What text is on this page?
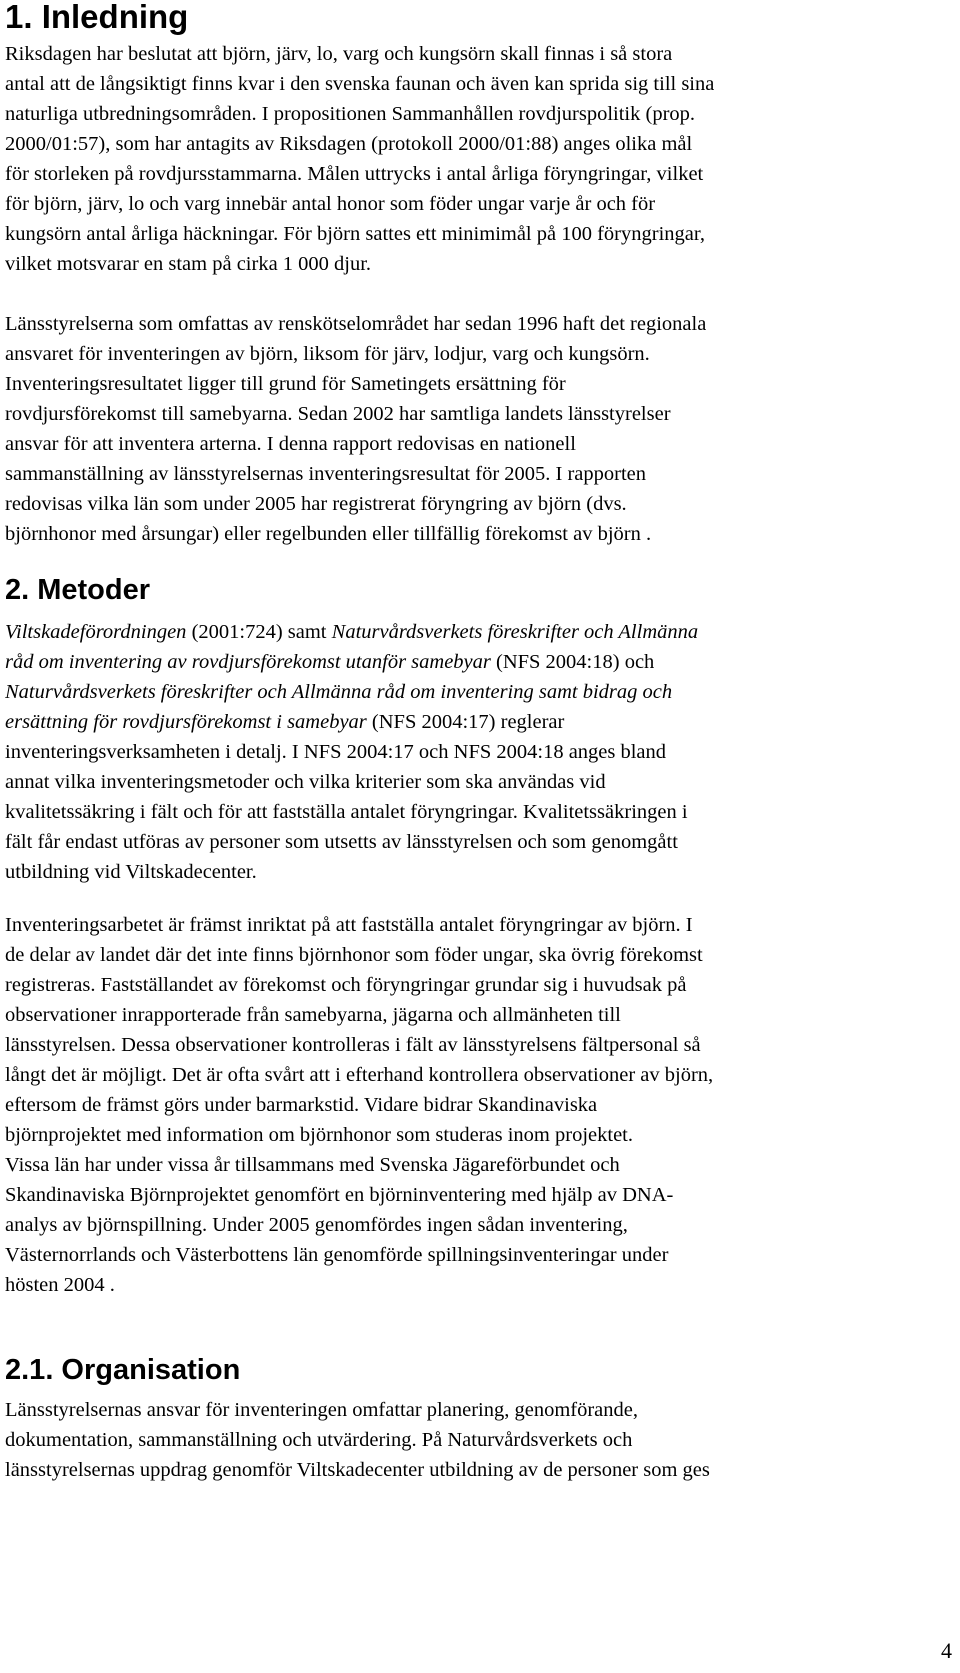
1. Inledning
Riksdagen har beslutat att björn, järv, lo, varg och kungsörn skall finnas i så stora
antal att de långsiktigt finns kvar i den svenska faunan och även kan sprida sig till sina
naturliga utbredningsområden. I propositionen Sammanhållen rovdjurspolitik (prop.
2000/01:57), som har antagits av Riksdagen (protokoll 2000/01:88) anges olika mål
för storleken på rovdjursstammarna. Målen uttrycks i antal årliga föryngringar, vilket
för björn, järv, lo och varg innebär antal honor som föder ungar varje år och för
kungsörn antal årliga häckningar. För björn sattes ett minimimål på 100 föryngringar,
vilket motsvarar en stam på cirka 1 000 djur.
Länsstyrelserna som omfattas av renskötselområdet har sedan 1996 haft det regionala
ansvaret för inventeringen av björn, liksom för järv, lodjur, varg och kungsörn.
Inventeringsresultatet ligger till grund för Sametingets ersättning för
rovdjursförekomst till samebyarna. Sedan 2002 har samtliga landets länsstyrelser
ansvar för att inventera arterna. I denna rapport redovisas en nationell
sammanställning av länsstyrelsernas inventeringsresultat för 2005. I rapporten
redovisas vilka län som under 2005 har registrerat föryngring av björn (dvs.
björnhonor med årsungar) eller regelbunden eller tillfällig förekomst av björn .
2. Metoder
Viltskadeförordningen (2001:724) samt Naturvårdsverkets föreskrifter och Allmänna
råd om inventering av rovdjursförekomst utanför samebyar (NFS 2004:18) och
Naturvårdsverkets föreskrifter och Allmänna råd om inventering samt bidrag och
ersättning för rovdjursförekomst i samebyar (NFS 2004:17) reglerar
inventeringsverksamheten i detalj. I NFS 2004:17 och NFS 2004:18 anges bland
annat vilka inventeringsmetoder och vilka kriterier som ska användas vid
kvalitetssäkring i fält och för att fastställa antalet föryngringar. Kvalitetssäkringen i
fält får endast utföras av personer som utsetts av länsstyrelsen och som genomgått
utbildning vid Viltskadecenter.
Inventeringsarbetet är främst inriktat på att fastställa antalet föryngringar av björn. I
de delar av landet där det inte finns björnhonor som föder ungar, ska övrig förekomst
registreras. Fastställandet av förekomst och föryngringar grundar sig i huvudsak på
observationer inrapporterade från samebyarna, jägarna och allmänheten till
länsstyrelsen. Dessa observationer kontrolleras i fält av länsstyrelsens fältpersonal så
långt det är möjligt. Det är ofta svårt att i efterhand kontrollera observationer av björn,
eftersom de främst görs under barmarkstid. Vidare bidrar Skandinaviska
björnprojektet med information om björnhonor som studeras inom projektet.
Vissa län har under vissa år tillsammans med Svenska Jägareförbundet och
Skandinaviska Björnprojektet genomfört en björninventering med hjälp av DNA-
analys av björnspillning. Under 2005 genomfördes ingen sådan inventering,
Västernorrlands och Västerbottens län genomförde spillningsinventeringar under
hösten 2004 .
2.1. Organisation
Länsstyrelsernas ansvar för inventeringen omfattar planering, genomförande,
dokumentation, sammanställning och utvärdering. På Naturvårdsverkets och
länsstyrelsernas uppdrag genomför Viltskadecenter utbildning av de personer som ges
4
